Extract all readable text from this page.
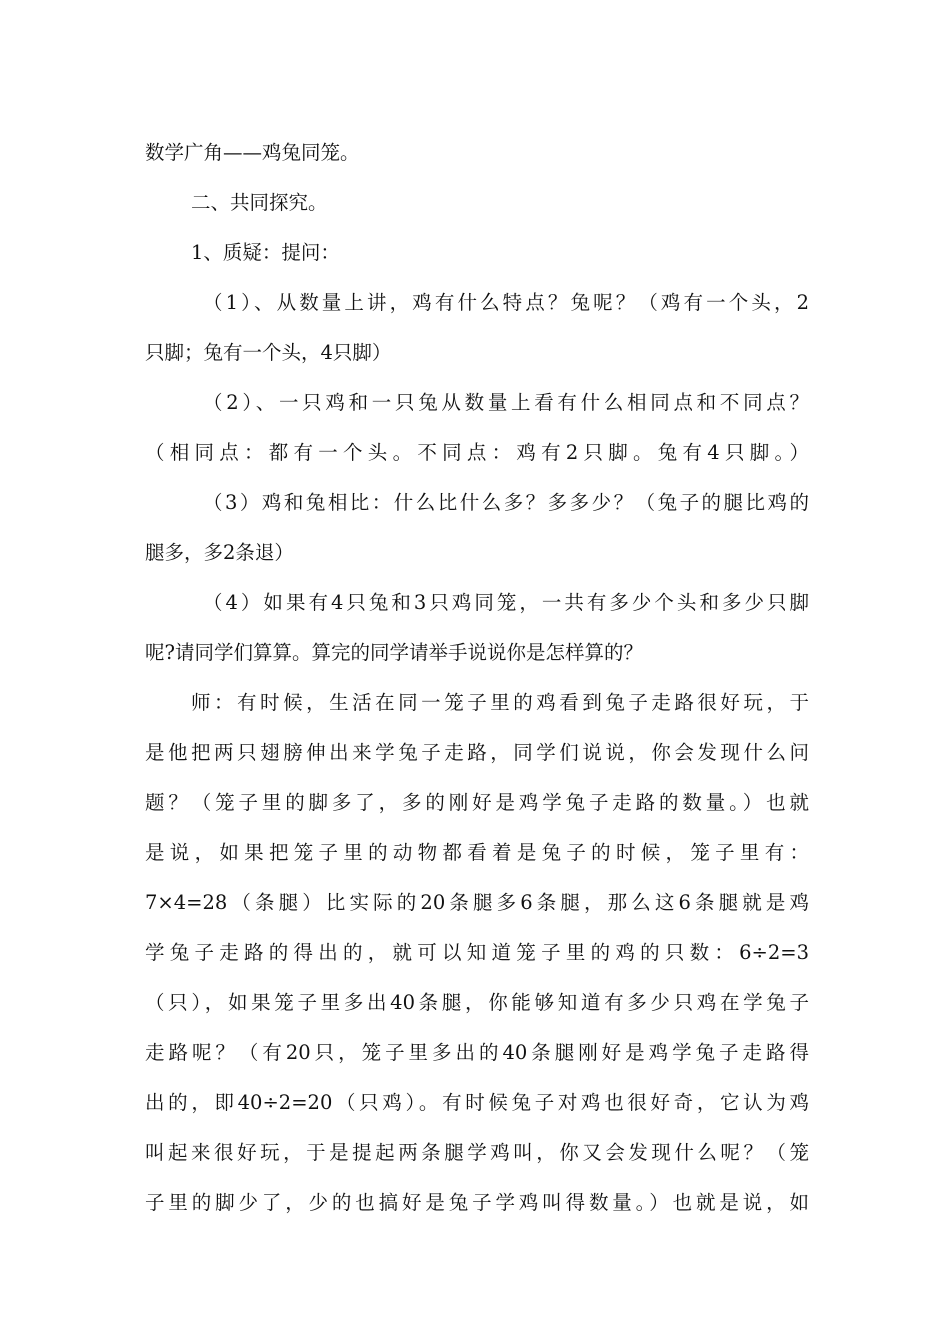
数学广角——鸡兔同笼。
二、共同探究。
1、质疑：提问：
（1）、从数量上讲，鸡有什么特点？兔呢？（鸡有一个头，2
只脚；兔有一个头，4只脚）
（2）、一只鸡和一只兔从数量上看有什么相同点和不同点？
（相同点：都有一个头。不同点：鸡有2只脚。兔有4只脚。）
（3）鸡和兔相比：什么比什么多？多多少？（兔子的腿比鸡的
腿多，多2条退）
（4）如果有4只兔和3只鸡同笼，一共有多少个头和多少只脚
呢?请同学们算算。算完的同学请举手说说你是怎样算的？
师：有时候，生活在同一笼子里的鸡看到兔子走路很好玩，于
是他把两只翅膀伸出来学兔子走路，同学们说说，你会发现什么问
题？（笼子里的脚多了，多的刚好是鸡学兔子走路的数量。）也就
是说，如果把笼子里的动物都看着是兔子的时候，笼子里有：
7×4=28（条腿）比实际的20条腿多6条腿，那么这6条腿就是鸡
学兔子走路的得出的，就可以知道笼子里的鸡的只数：6÷2=3
（只），如果笼子里多出40条腿，你能够知道有多少只鸡在学兔子
走路呢？（有20只，笼子里多出的40条腿刚好是鸡学兔子走路得
出的，即40÷2=20（只鸡）。有时候兔子对鸡也很好奇，它认为鸡
叫起来很好玩，于是提起两条腿学鸡叫，你又会发现什么呢？（笼
子里的脚少了，少的也搞好是兔子学鸡叫得数量。）也就是说，如
